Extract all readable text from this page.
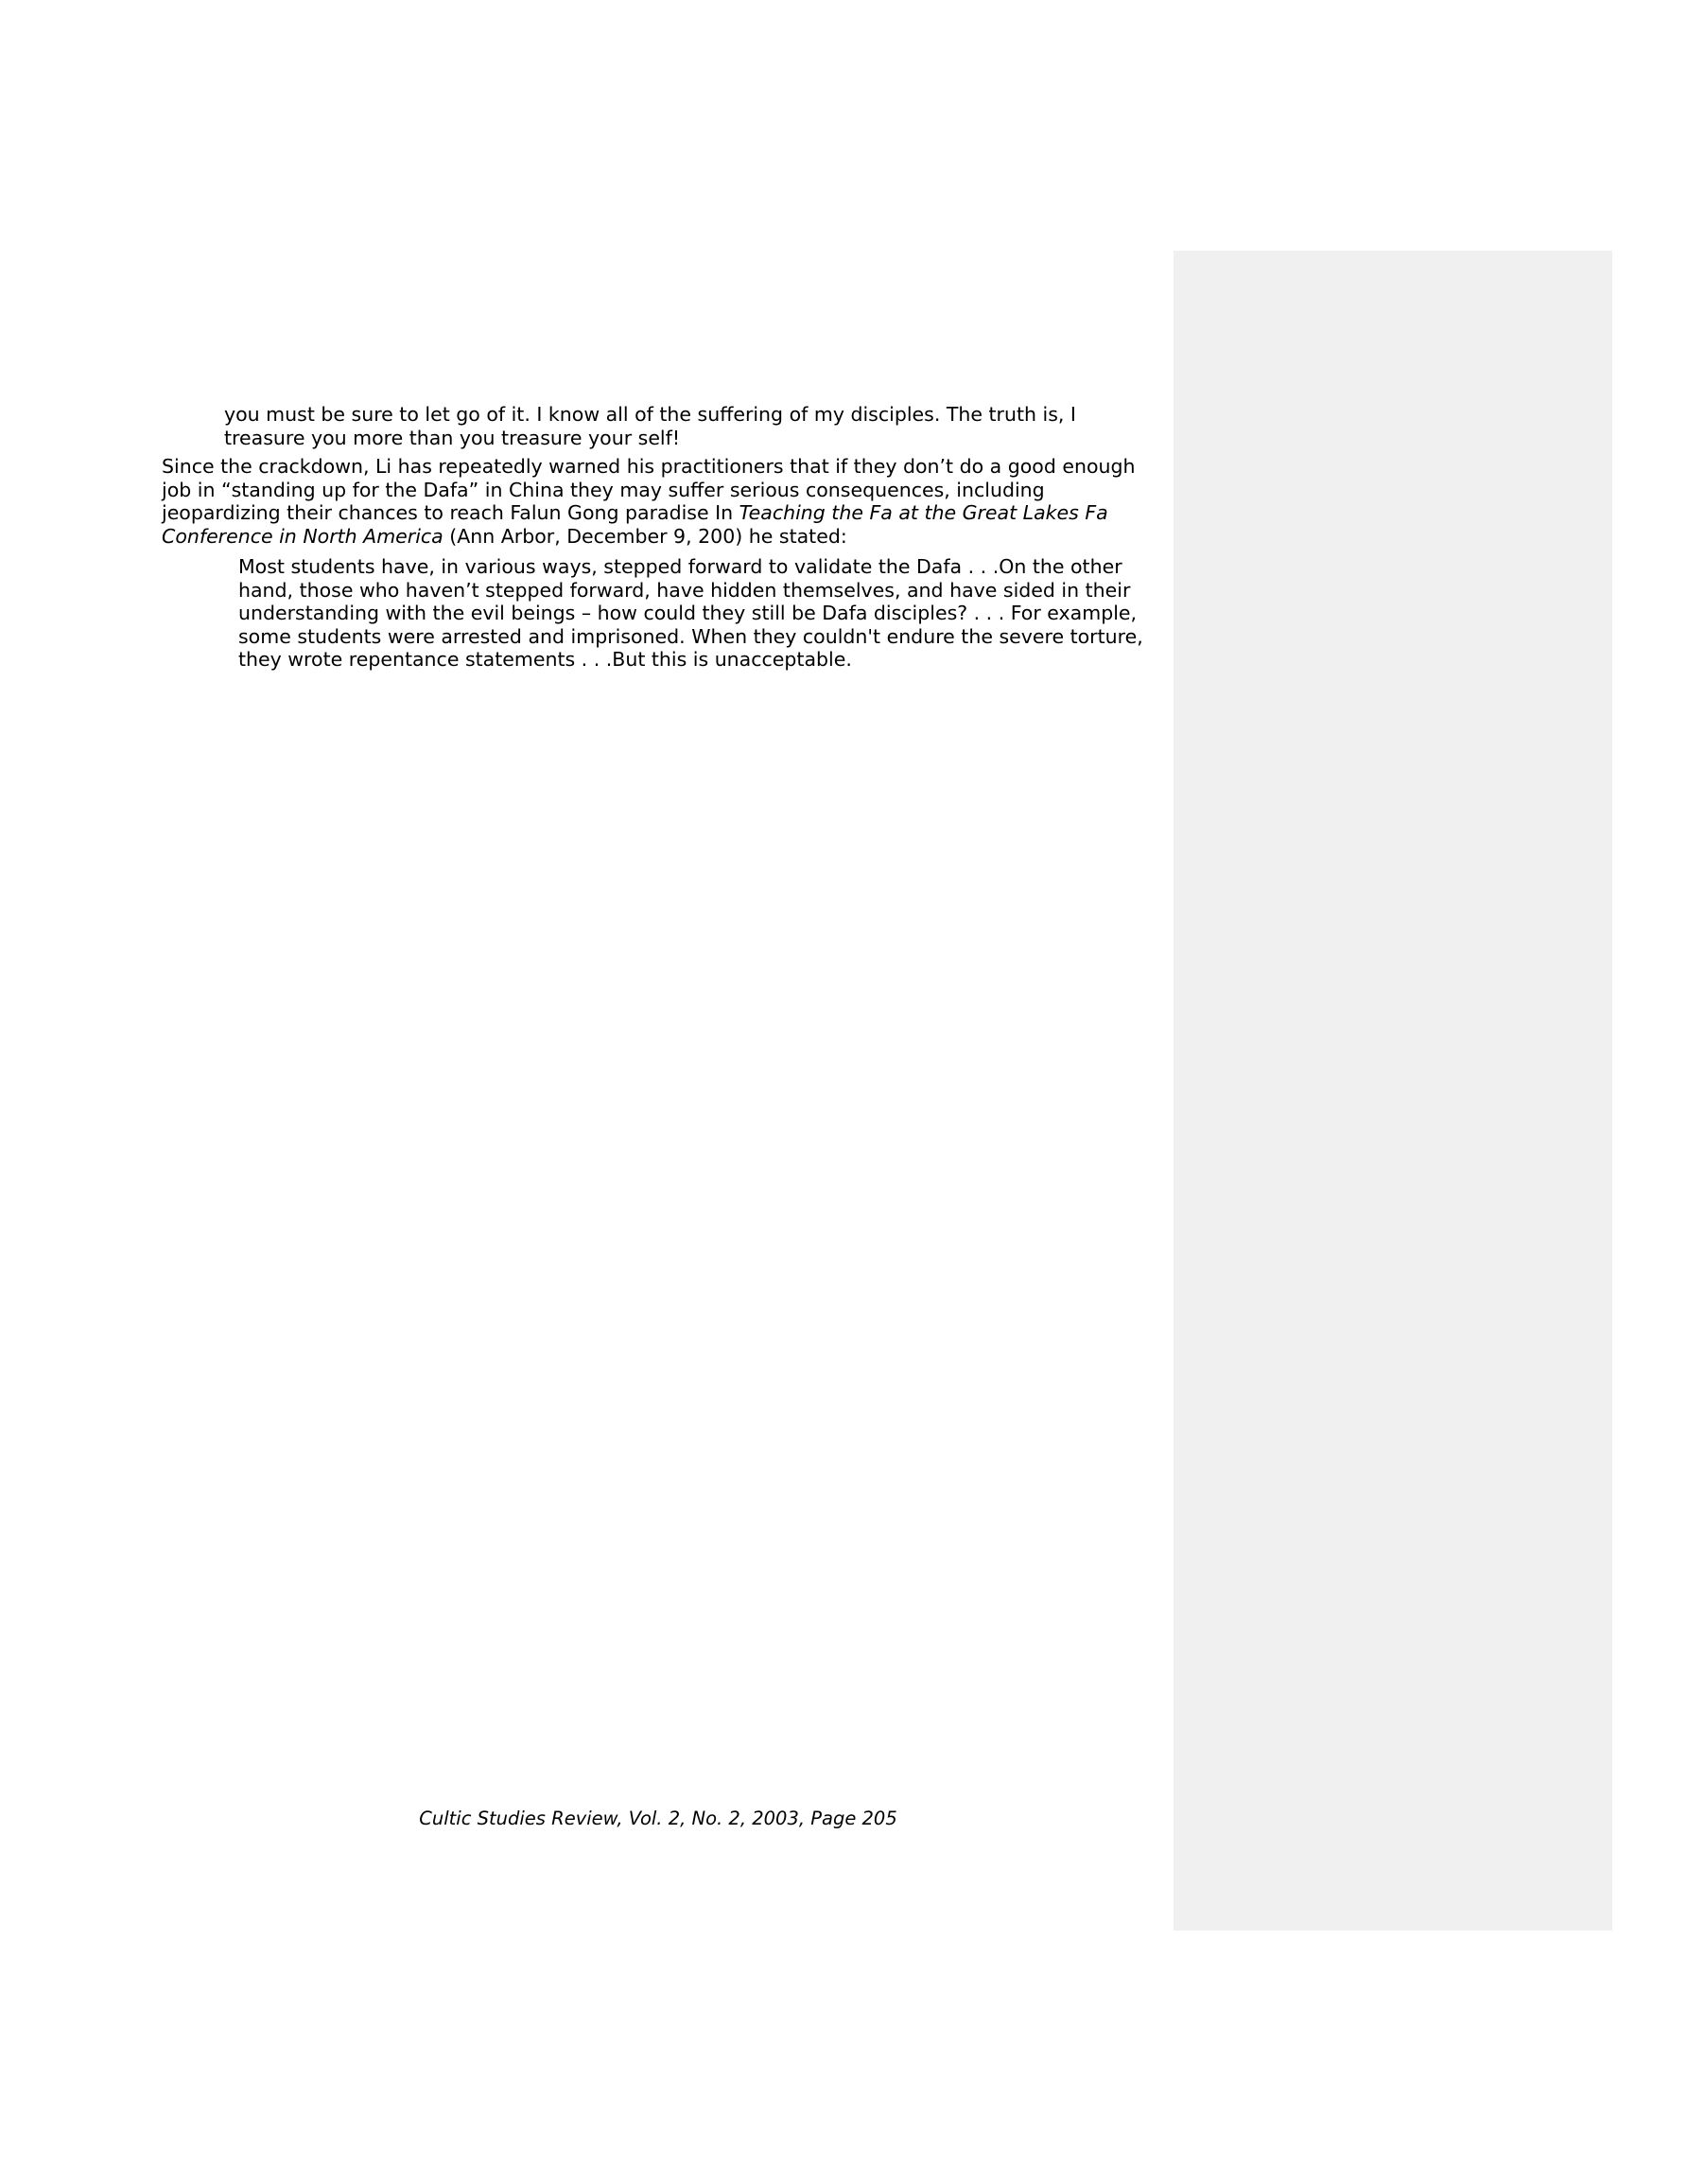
you must be sure to let go of it. I know all of the suffering of my disciples. The truth is, I
treasure you more than you treasure your self!
Since the crackdown, Li has repeatedly warned his practitioners that if they don’t do a good enough
job in “standing up for the Dafa” in China they may suffer serious consequences, including
jeopardizing their chances to reach Falun Gong paradise In Teaching the Fa at the Great Lakes Fa
Conference in North America (Ann Arbor, December 9, 200) he stated:
Most students have, in various ways, stepped forward to validate the Dafa . . .On the other
hand, those who haven’t stepped forward, have hidden themselves, and have sided in their
understanding with the evil beings – how could they still be Dafa disciples? . . . For example,
some students were arrested and imprisoned. When they couldn't endure the severe torture,
they wrote repentance statements . . .But this is unacceptable.
Cultic Studies Review, Vol. 2, No. 2, 2003, Page 205
